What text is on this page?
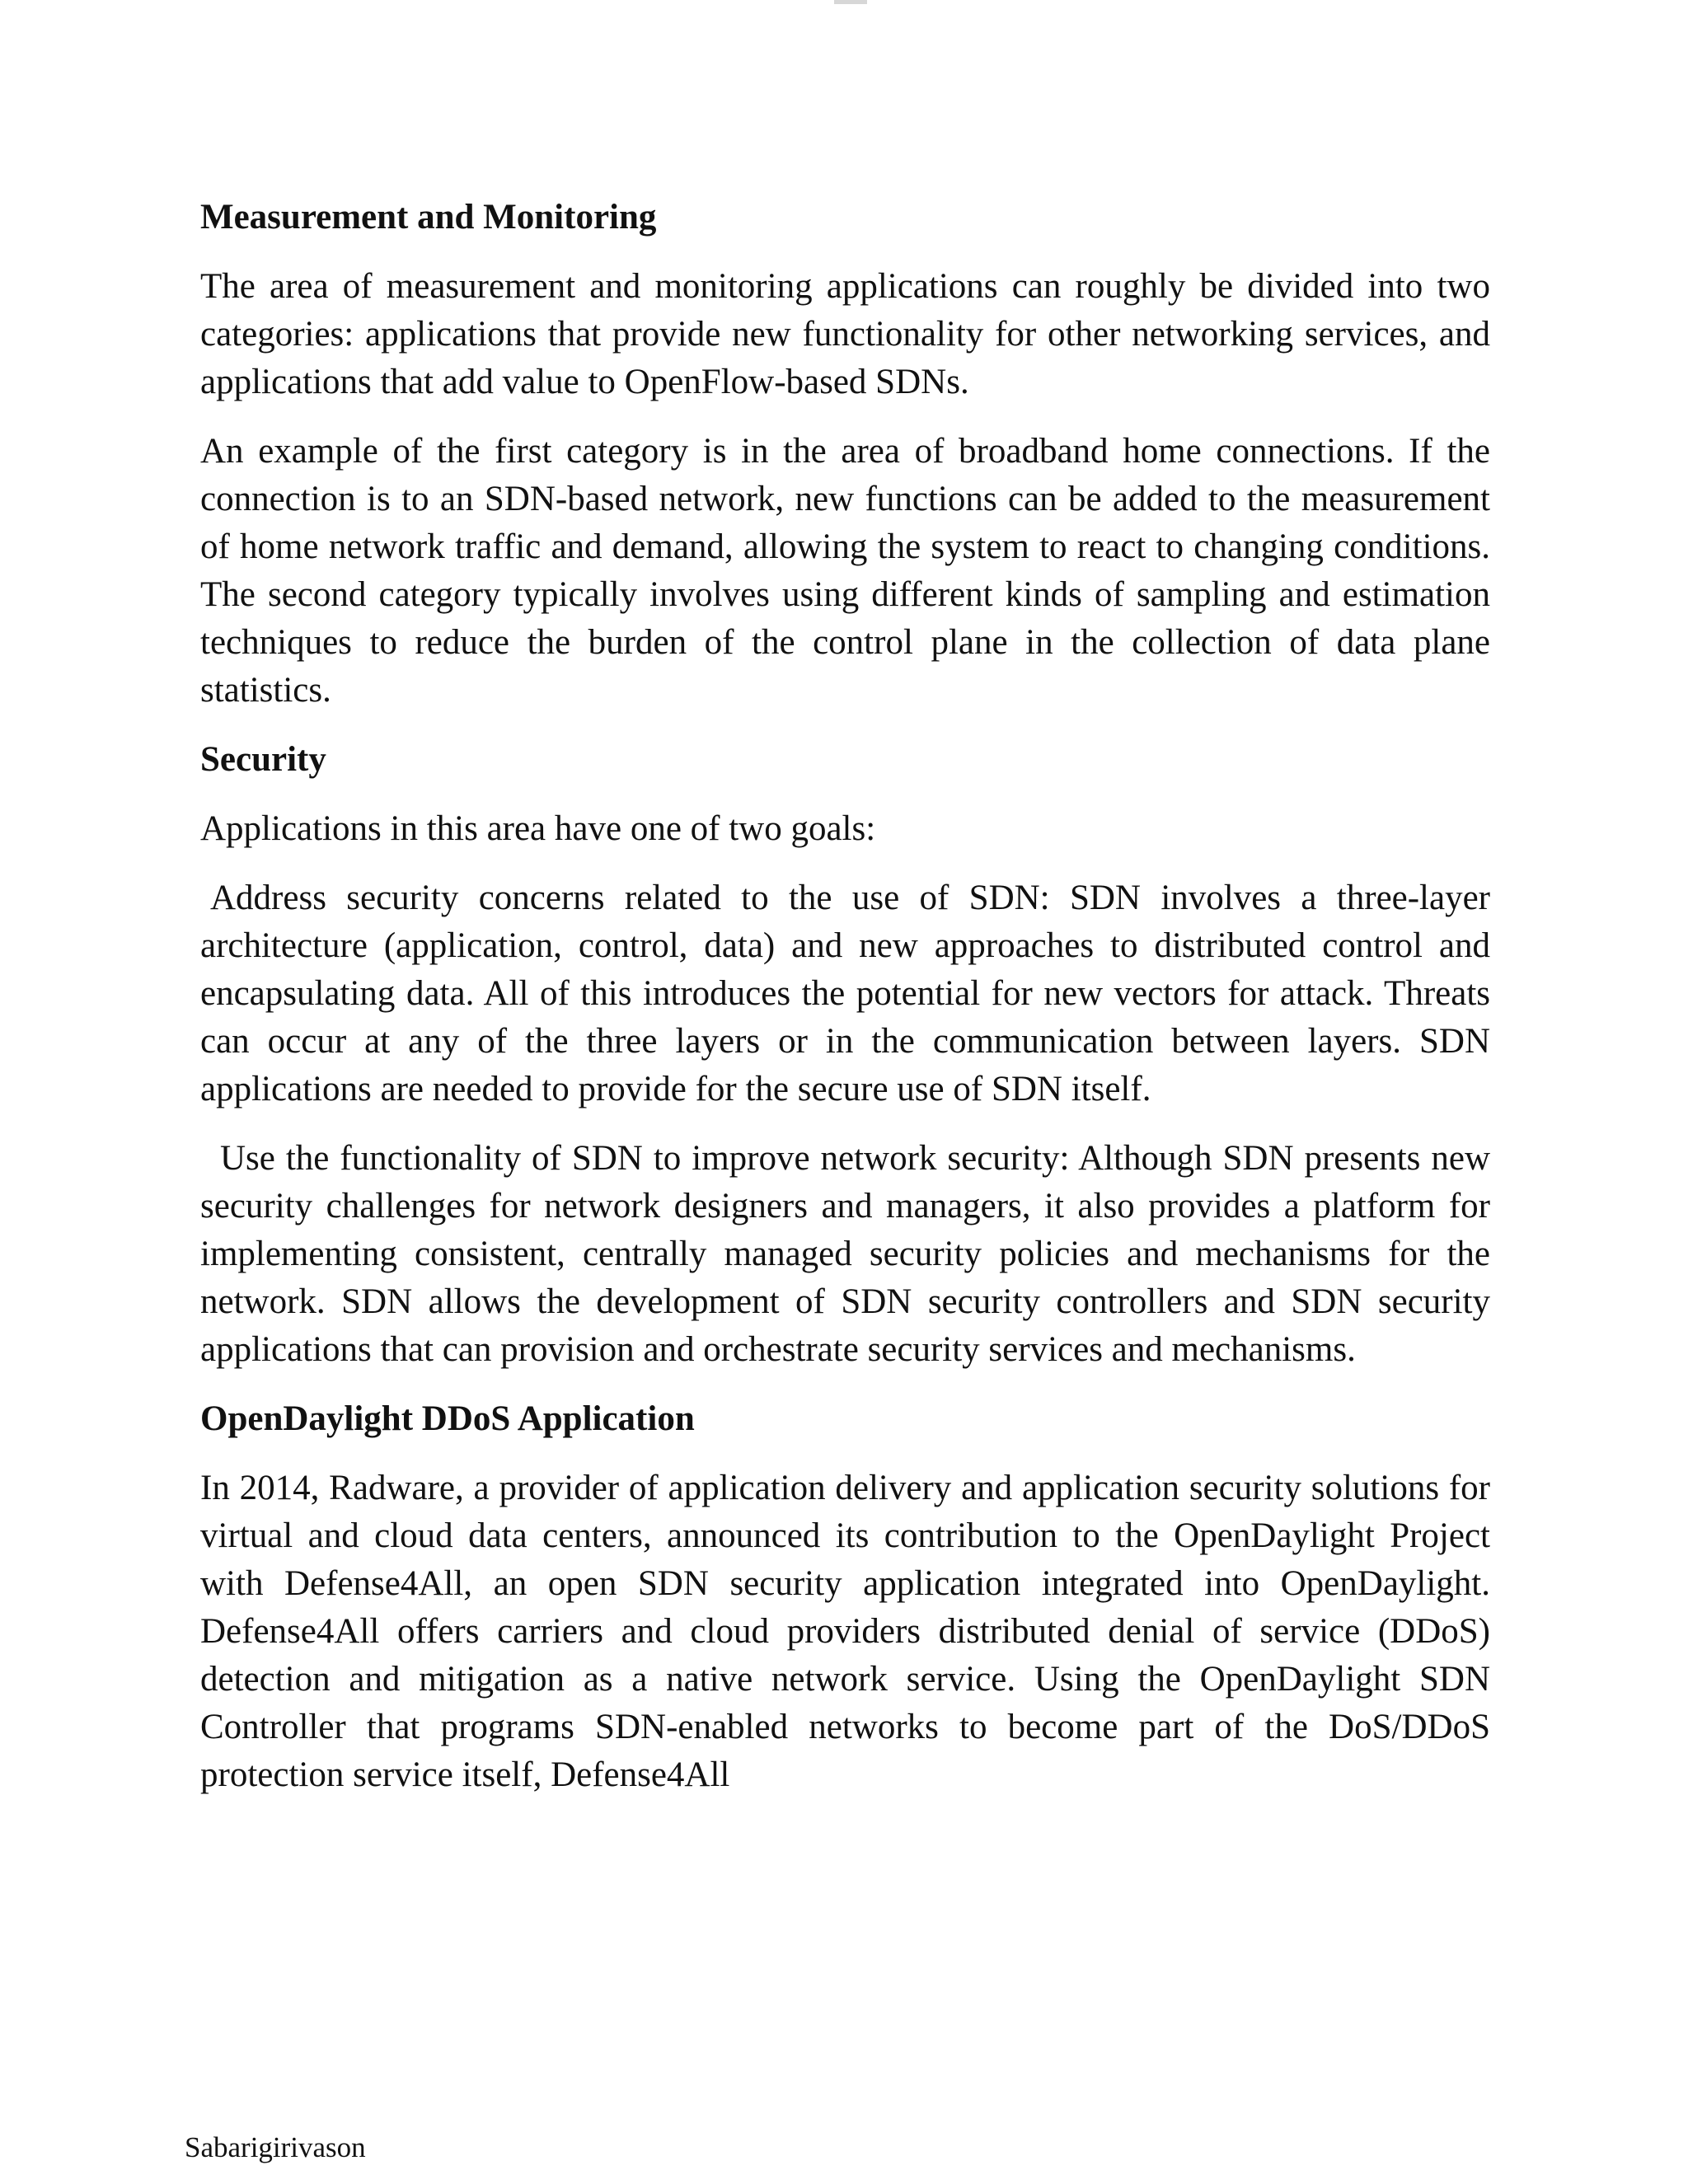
Measurement and Monitoring

The area of measurement and monitoring applications can roughly be divided into two categories: applications that provide new functionality for other networking services, and applications that add value to OpenFlow-based SDNs.

An example of the first category is in the area of broadband home connections. If the connection is to an SDN-based network, new functions can be added to the measurement of home network traffic and demand, allowing the system to react to changing conditions. The second category typically involves using different kinds of sampling and estimation techniques to reduce the burden of the control plane in the collection of data plane statistics.

Security

Applications in this area have one of two goals:

Address security concerns related to the use of SDN: SDN involves a three-layer architecture (application, control, data) and new approaches to distributed control and encapsulating data. All of this introduces the potential for new vectors for attack. Threats can occur at any of the three layers or in the communication between layers. SDN applications are needed to provide for the secure use of SDN itself.

Use the functionality of SDN to improve network security: Although SDN presents new security challenges for network designers and managers, it also provides a platform for implementing consistent, centrally managed security policies and mechanisms for the network. SDN allows the development of SDN security controllers and SDN security applications that can provision and orchestrate security services and mechanisms.

OpenDaylight DDoS Application

In 2014, Radware, a provider of application delivery and application security solutions for virtual and cloud data centers, announced its contribution to the OpenDaylight Project with Defense4All, an open SDN security application integrated into OpenDaylight. Defense4All offers carriers and cloud providers distributed denial of service (DDoS) detection and mitigation as a native network service. Using the OpenDaylight SDN Controller that programs SDN-enabled networks to become part of the DoS/DDoS protection service itself, Defense4All

Sabarigirivason
